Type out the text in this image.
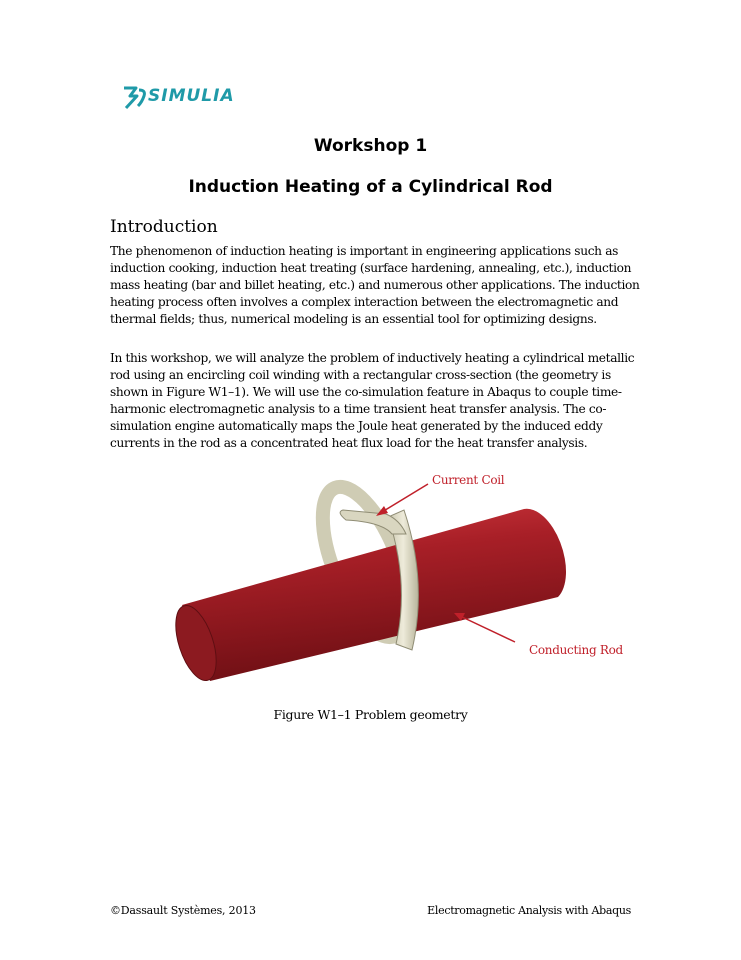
SIMULIA
Workshop 1
Induction Heating of a Cylindrical Rod
Introduction

The phenomenon of induction heating is important in engineering applications such as induction cooking, induction heat treating (surface hardening, annealing, etc.), induction mass heating (bar and billet heating, etc.) and numerous other applications. The induction heating process often involves a complex interaction between the electromagnetic and thermal fields; thus, numerical modeling is an essential tool for optimizing designs.

In this workshop, we will analyze the problem of inductively heating a cylindrical metallic rod using an encircling coil winding with a rectangular cross-section (the geometry is shown in Figure W1–1). We will use the co-simulation feature in Abaqus to couple time-harmonic electromagnetic analysis to a time transient heat transfer analysis. The co-simulation engine automatically maps the Joule heat generated by the induced eddy currents in the rod as a concentrated heat flux load for the heat transfer analysis.

Current Coil
Conducting Rod
Figure W1–1 Problem geometry
©Dassault Systèmes, 2013	Electromagnetic Analysis with Abaqus
